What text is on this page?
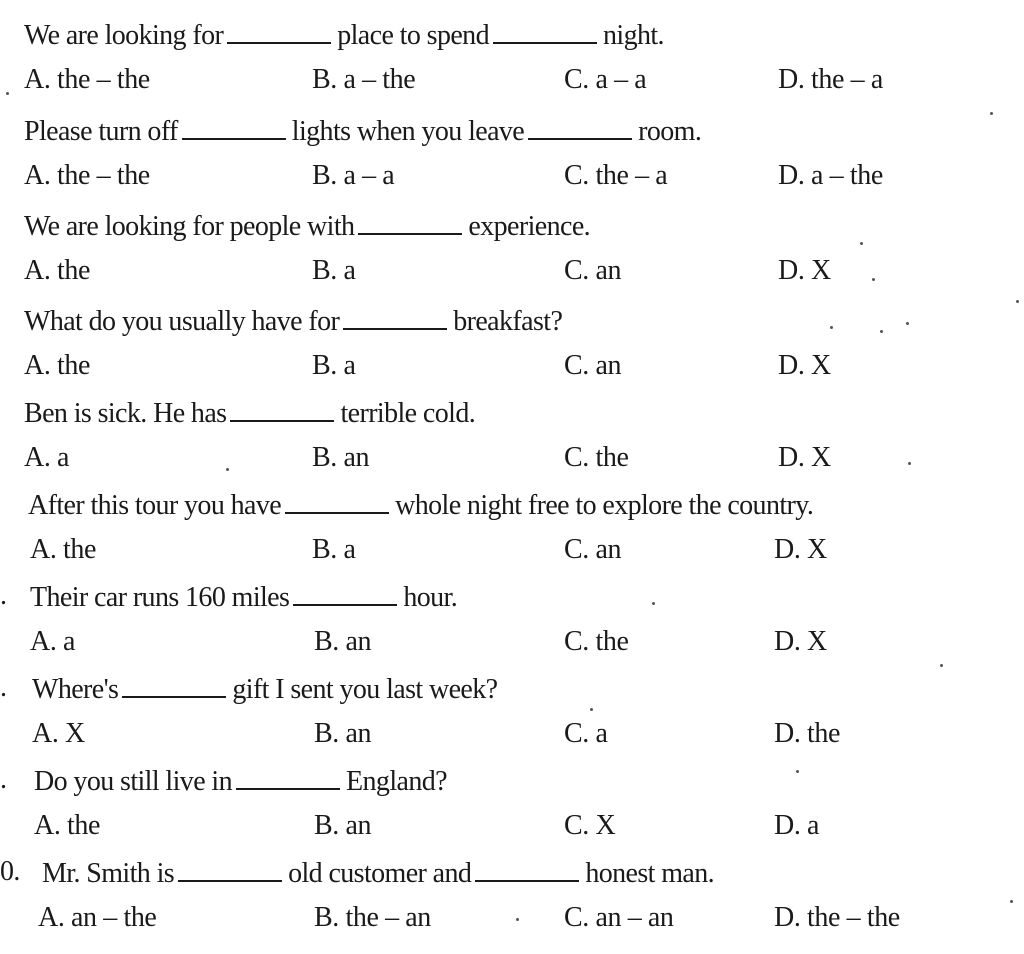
We are looking for	place to spend	night.
A. the – the	B. a – the	C. a – a	D. the – a
Please turn off	lights when you leave	room.
A. the – the	B. a – a	C. the – a	D. a – the
We are looking for people with	experience.
A. the	B. a	C. an	D. X
What do you usually have for	breakfast?
A. the	B. a	C. an	D. X
Ben is sick. He has	terrible cold.
A. a	B. an	C. the	D. X
After this tour you have	whole night free to explore the country.
A. the	B. a	C. an	D. X
. Their car runs 160 miles	hour.
A. a	B. an	C. the	D. X
. Where's	gift I sent you last week?
A. X	B. an	C. a	D. the
. Do you still live in	England?
A. the	B. an	C. X	D. a
0. Mr. Smith is	old customer and	honest man.
A. an – the	B. the – an	C. an – an	D. the – the
